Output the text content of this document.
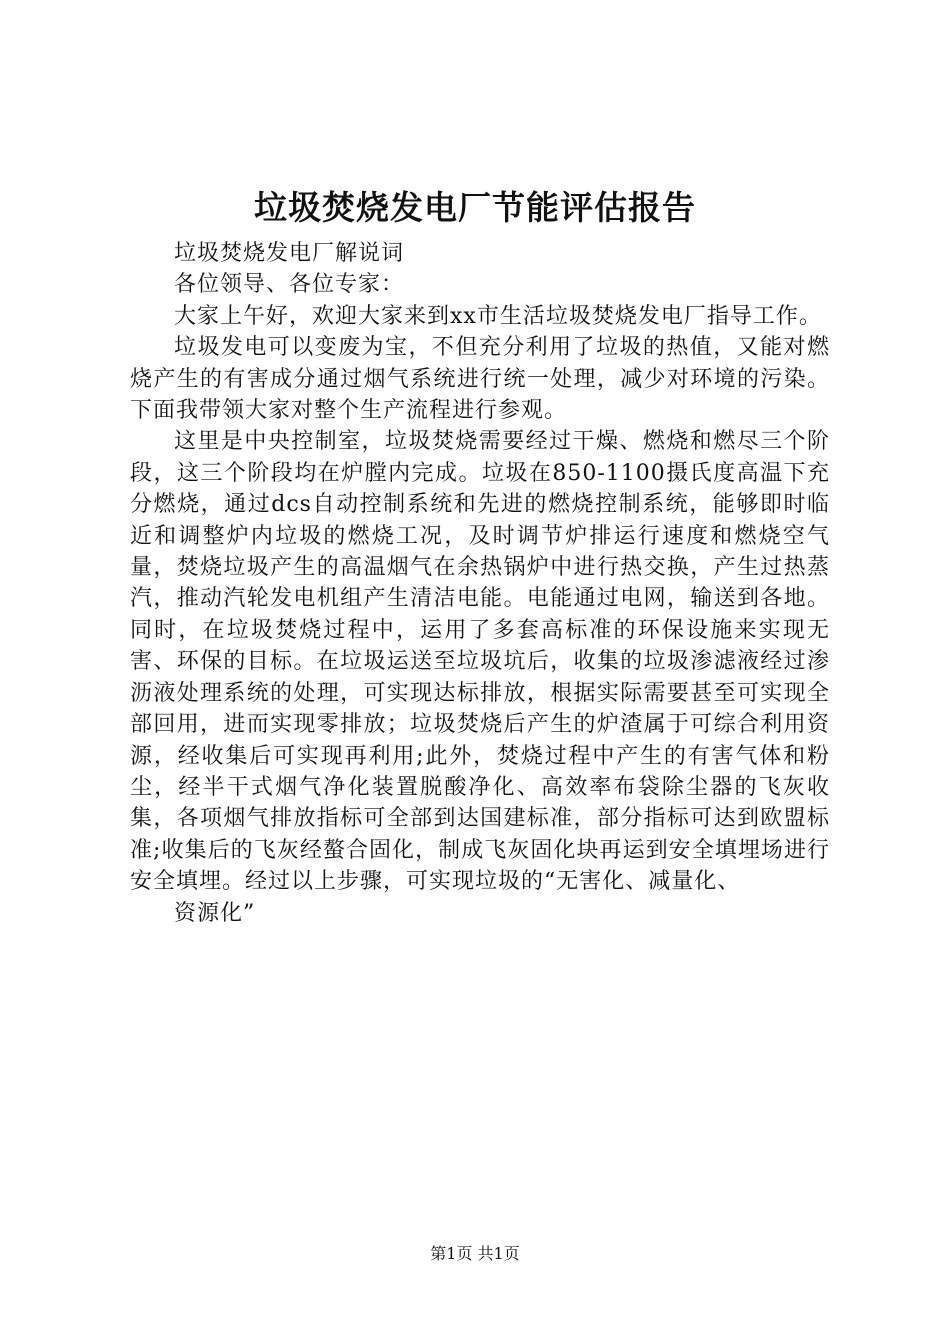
垃圾焚烧发电厂节能评估报告

垃圾焚烧发电厂解说词

各位领导、各位专家：

大家上午好，欢迎大家来到xx市生活垃圾焚烧发电厂指导工作。

垃圾发电可以变废为宝，不但充分利用了垃圾的热值，又能对燃烧产生的有害成分通过烟气系统进行统一处理，减少对环境的污染。下面我带领大家对整个生产流程进行参观。

这里是中央控制室，垃圾焚烧需要经过干燥、燃烧和燃尽三个阶段，这三个阶段均在炉膛内完成。垃圾在850-1100摄氏度高温下充分燃烧，通过dcs自动控制系统和先进的燃烧控制系统，能够即时临近和调整炉内垃圾的燃烧工况，及时调节炉排运行速度和燃烧空气量，焚烧垃圾产生的高温烟气在余热锅炉中进行热交换，产生过热蒸汽，推动汽轮发电机组产生清洁电能。电能通过电网，输送到各地。同时，在垃圾焚烧过程中，运用了多套高标准的环保设施来实现无害、环保的目标。在垃圾运送至垃圾坑后，收集的垃圾渗滤液经过渗沥液处理系统的处理，可实现达标排放，根据实际需要甚至可实现全部回用，进而实现零排放；垃圾焚烧后产生的炉渣属于可综合利用资源，经收集后可实现再利用;此外，焚烧过程中产生的有害气体和粉尘，经半干式烟气净化装置脱酸净化、高效率布袋除尘器的飞灰收集，各项烟气排放指标可全部到达国建标准，部分指标可达到欧盟标准;收集后的飞灰经螯合固化，制成飞灰固化块再运到安全填埋场进行安全填埋。经过以上步骤，可实现垃圾的“无害化、减量化、

资源化”

第1页 共1页
